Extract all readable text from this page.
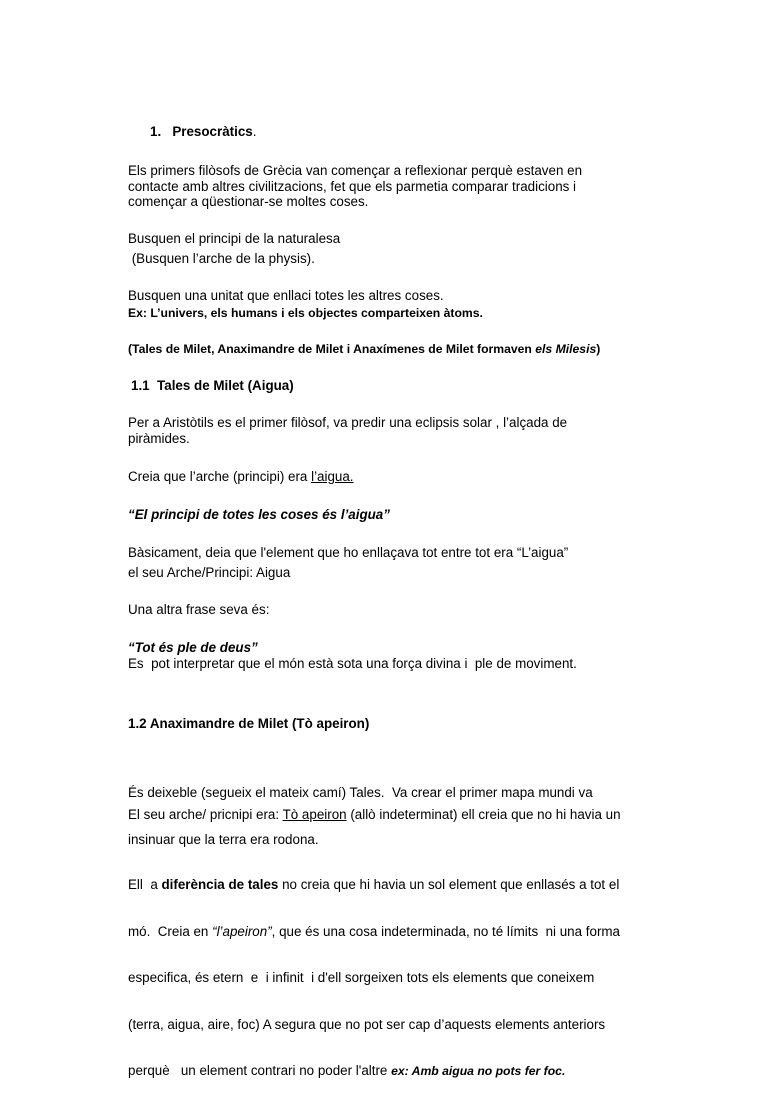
1. Presocràtics.
Els primers filòsofs de Grècia van començar a reflexionar perquè estaven en
contacte amb altres civilitzacions, fet que els parmetia comparar tradicions i
començar a qüestionar-se moltes coses.
Busquen el principi de la naturalesa
(Busquen l’arche de la physis).
Busquen una unitat que enllaci totes les altres coses.
Ex: L’univers, els humans i els objectes comparteixen àtoms.
(Tales de Milet, Anaximandre de Milet i Anaxímenes de Milet formaven els Milesis)
1.1  Tales de Milet (Aigua)
Per a Aristòtils es el primer filòsof, va predir una eclipsis solar , l’alçada de
piràmides.
Creia que l’arche (principi) era l’aigua.
“El principi de totes les coses és l’aigua”
Bàsicament, deia que l'element que ho enllaçava tot entre tot era “L’aigua”
el seu Arche/Principi: Aigua
Una altra frase seva és:
“Tot és ple de deus”
Es  pot interpretar que el món està sota una força divina i  ple de moviment.
1.2 Anaximandre de Milet (Tò apeiron)

És deixeble (segueix el mateix camí) Tales.  Va crear el primer mapa mundi va

insinuar que la terra era rodona.

El seu arche/ pricnipi era: Tò apeiron (allò indeterminat) ell creia que no hi havia un

Ell  a diferència de tales no creia que hi havia un sol element que enllasés a tot el

mó.  Creia en “l’apeiron”, que és una cosa indeterminada, no té límits  ni una forma

especifica, és etern  e  i infinit  i d'ell sorgeixen tots els elements que coneixem

(terra, aigua, aire, foc) A segura que no pot ser cap d’aquests elements anteriors

perquè   un element contrari no poder l'altre ex: Amb aigua no pots fer foc.
